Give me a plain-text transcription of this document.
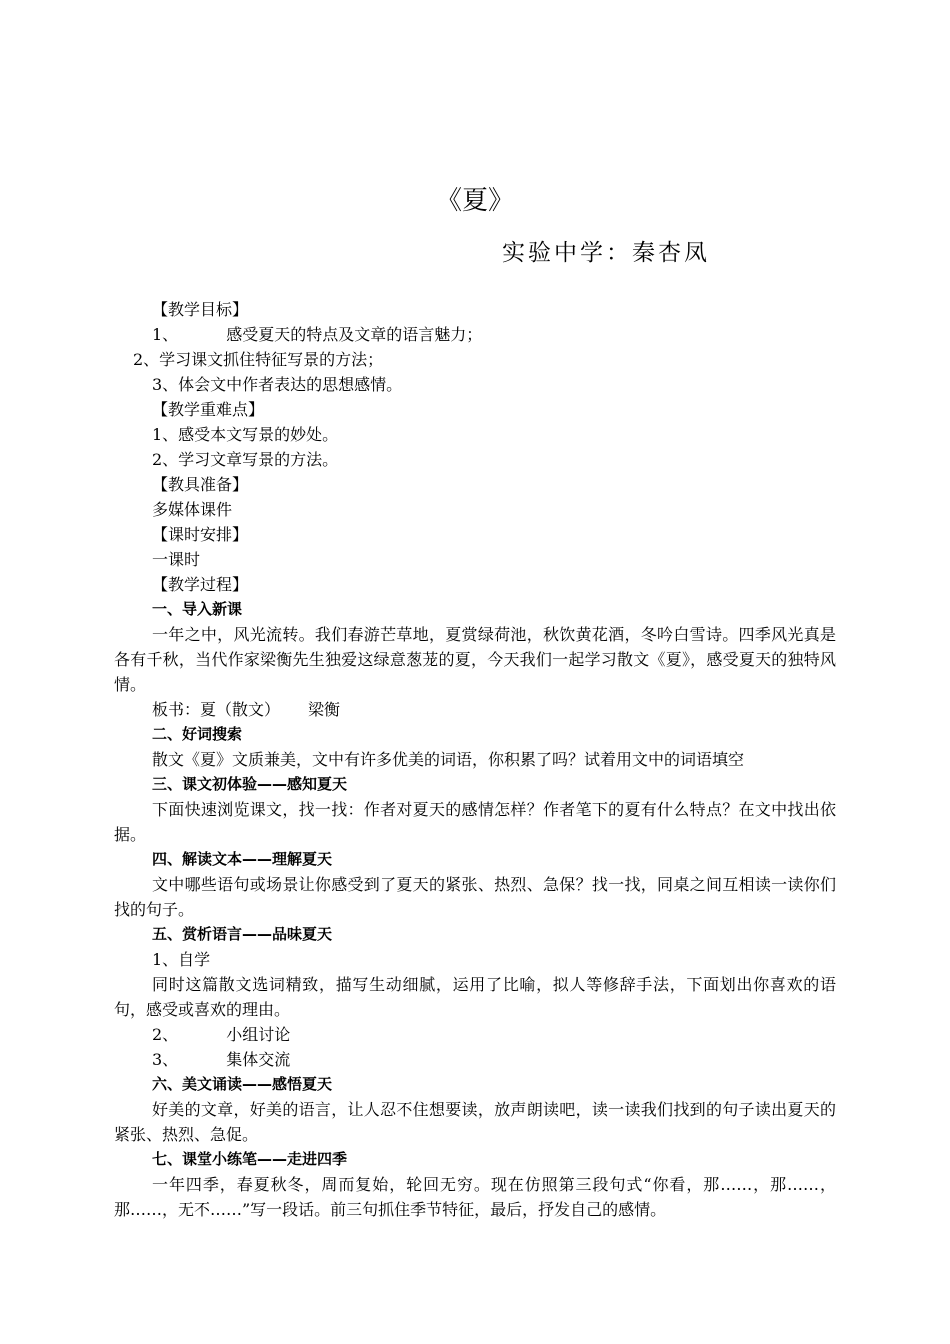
《夏》
实验中学：秦杏凤

【教学目标】

1、	感受夏天的特点及文章的语言魅力；

2、学习课文抓住特征写景的方法；

3、体会文中作者表达的思想感情。

【教学重难点】

1、感受本文写景的妙处。

2、学习文章写景的方法。

【教具准备】

多媒体课件

【课时安排】

一课时

【教学过程】

一、导入新课

一年之中，风光流转。我们春游芒草地，夏赏绿荷池，秋饮黄花酒，冬吟白雪诗。四季风光真是各有千秋，当代作家梁衡先生独爱这绿意葱茏的夏，今天我们一起学习散文《夏》，感受夏天的独特风情。

板书：夏（散文） 梁衡

二、好词搜索

散文《夏》文质兼美，文中有许多优美的词语，你积累了吗？试着用文中的词语填空

三、课文初体验——感知夏天

下面快速浏览课文，找一找：作者对夏天的感情怎样？作者笔下的夏有什么特点？在文中找出依据。

四、解读文本——理解夏天

文中哪些语句或场景让你感受到了夏天的紧张、热烈、急保？找一找，同桌之间互相读一读你们找的句子。

五、赏析语言——品味夏天

1、自学

同时这篇散文选词精致，描写生动细腻，运用了比喻，拟人等修辞手法，下面划出你喜欢的语句，感受或喜欢的理由。

2、	小组讨论

3、	集体交流

六、美文诵读——感悟夏天

好美的文章，好美的语言，让人忍不住想要读，放声朗读吧，读一读我们找到的句子读出夏天的紧张、热烈、急促。

七、课堂小练笔——走进四季

一年四季，春夏秋冬，周而复始，轮回无穷。现在仿照第三段句式“你看，那……，那……，那……，无不……”写一段话。前三句抓住季节特征，最后，抒发自己的感情。
